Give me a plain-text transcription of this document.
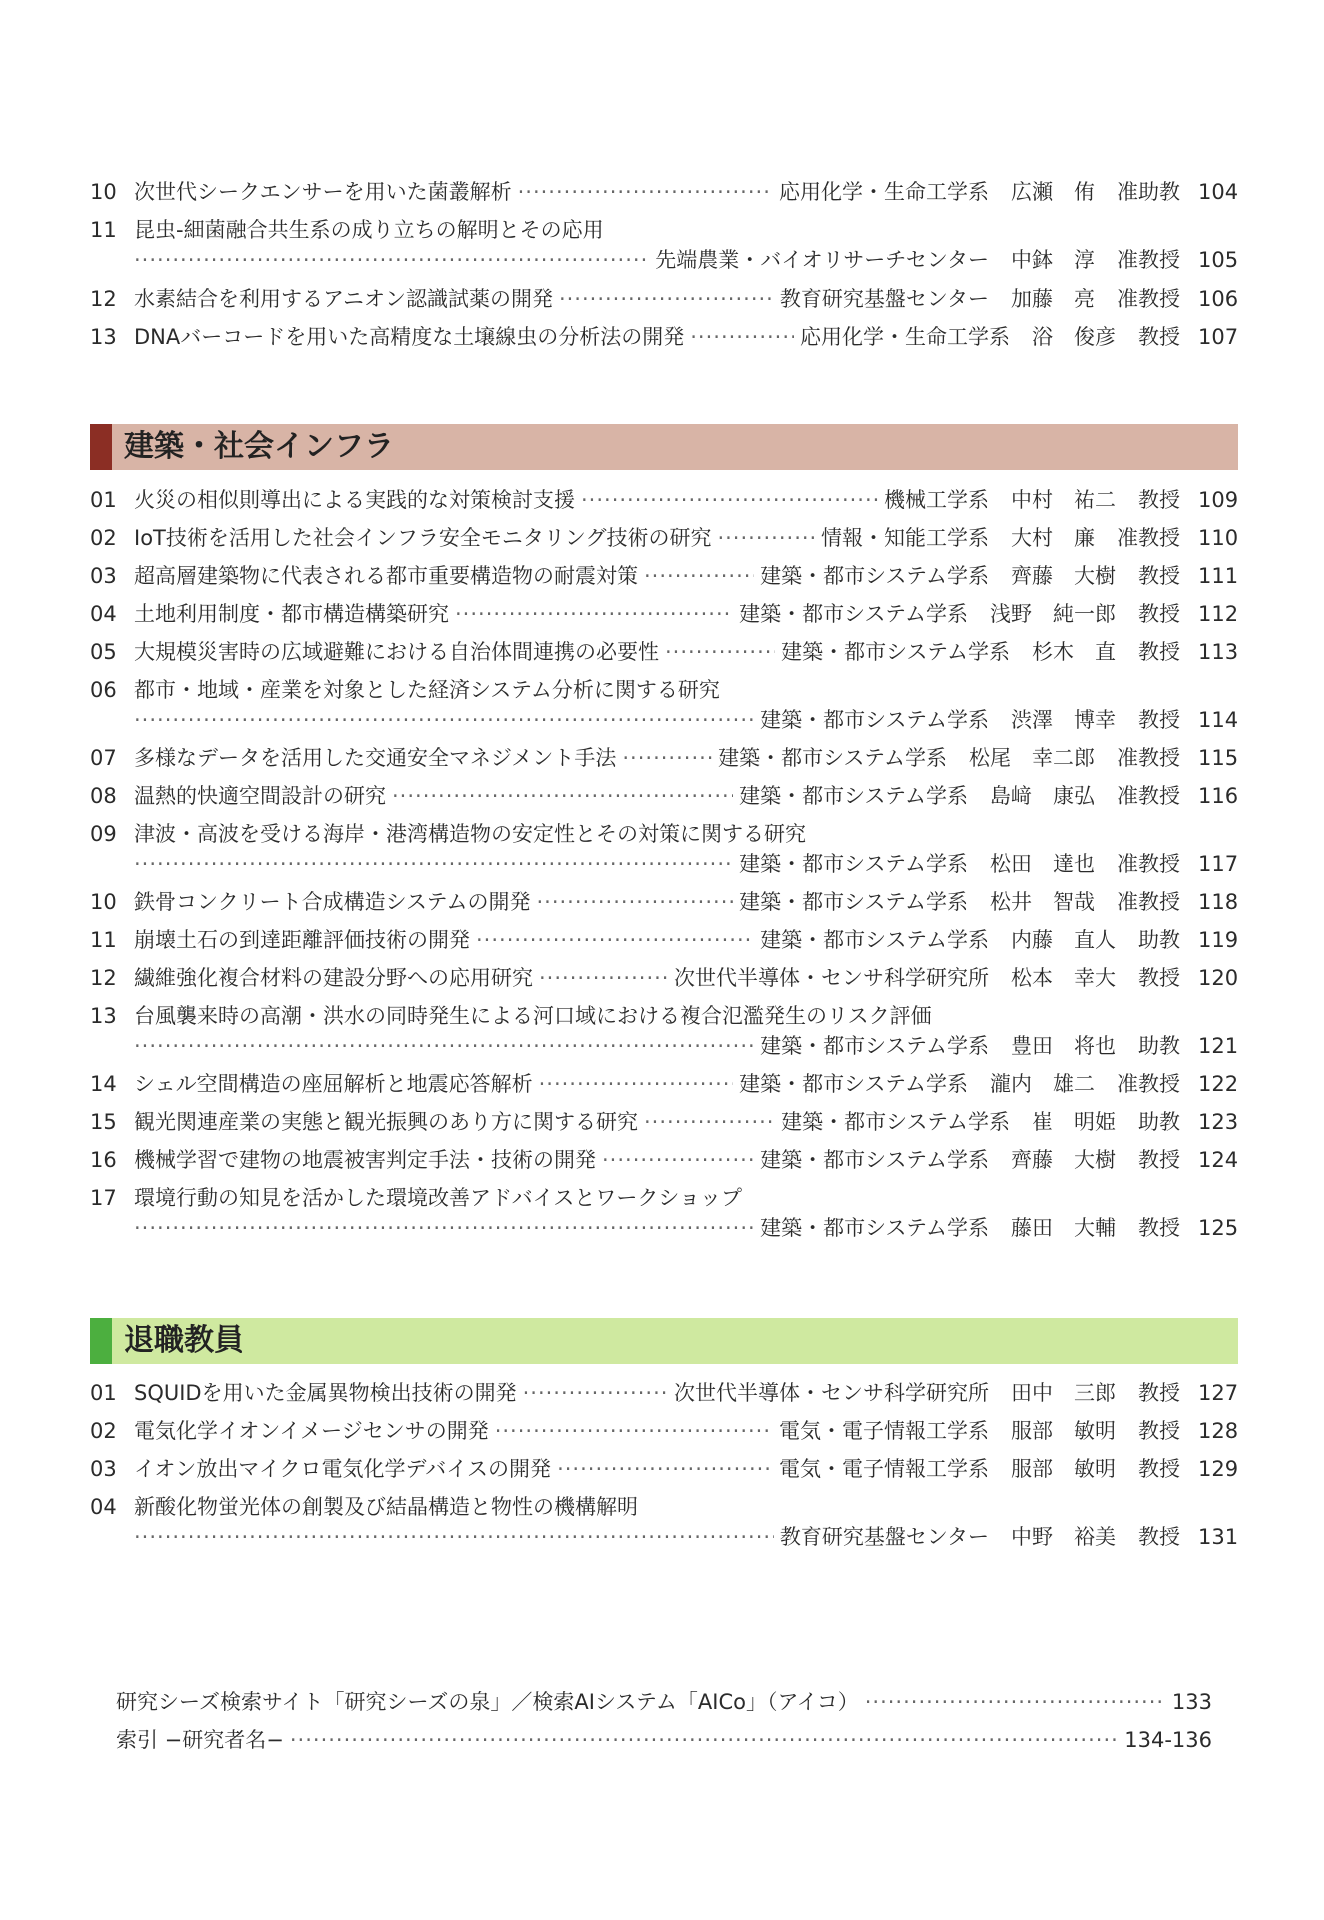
10 次世代シークエンサーを用いた菌叢解析 ·····	応用化学・生命工学系 広瀬　侑 准助教 104
11 昆虫-細菌融合共生系の成り立ちの解明とその応用
·····
先端農業・バイオリサーチセンター 中鉢　淳 准教授 105
12 水素結合を利用するアニオン認識試薬の開発 ·····	教育研究基盤センター 加藤　亮 准教授 106
13 DNAバーコードを用いた高精度な土壌線虫の分析法の開発 ·····	応用化学・生命工学系 浴　俊彦 教授 107
建築・社会インフラ
01 火災の相似則導出による実践的な対策検討支援 ·····	機械工学系 中村　祐二 教授 109
02 IoT技術を活用した社会インフラ安全モニタリング技術の研究 ·····	情報・知能工学系 大村　廉 准教授 110
03 超高層建築物に代表される都市重要構造物の耐震対策 ·····	建築・都市システム学系 齊藤　大樹 教授 111
04 土地利用制度・都市構造構築研究 ·····	建築・都市システム学系 浅野　純一郎 教授 112
05 大規模災害時の広域避難における自治体間連携の必要性 ·····	建築・都市システム学系 杉木　直 教授 113
06 都市・地域・産業を対象とした経済システム分析に関する研究
·····
建築・都市システム学系 渋澤　博幸 教授 114
07 多様なデータを活用した交通安全マネジメント手法 ·····	建築・都市システム学系 松尾　幸二郎 准教授 115
08 温熱的快適空間設計の研究 ·····	建築・都市システム学系 島﨑　康弘 准教授 116
09 津波・高波を受ける海岸・港湾構造物の安定性とその対策に関する研究
·····
建築・都市システム学系 松田　達也 准教授 117
10 鉄骨コンクリート合成構造システムの開発 ·····	建築・都市システム学系 松井　智哉 准教授 118
11 崩壊土石の到達距離評価技術の開発 ·····	建築・都市システム学系 内藤　直人 助教 119
12 繊維強化複合材料の建設分野への応用研究 ·····	次世代半導体・センサ科学研究所 松本　幸大 教授 120
13 台風襲来時の高潮・洪水の同時発生による河口域における複合氾濫発生のリスク評価
·····
建築・都市システム学系 豊田　将也 助教 121
14 シェル空間構造の座屈解析と地震応答解析 ·····	建築・都市システム学系 瀧内　雄二 准教授 122
15 観光関連産業の実態と観光振興のあり方に関する研究 ·····	建築・都市システム学系 崔　明姫 助教 123
16 機械学習で建物の地震被害判定手法・技術の開発 ·····	建築・都市システム学系 齊藤　大樹 教授 124
17 環境行動の知見を活かした環境改善アドバイスとワークショップ
·····
建築・都市システム学系 藤田　大輔 教授 125
退職教員
01 SQUIDを用いた金属異物検出技術の開発 ·····	次世代半導体・センサ科学研究所 田中　三郎 教授 127
02 電気化学イオンイメージセンサの開発 ·····	電気・電子情報工学系 服部　敏明 教授 128
03 イオン放出マイクロ電気化学デバイスの開発 ·····	電気・電子情報工学系 服部　敏明 教授 129
04 新酸化物蛍光体の創製及び結晶構造と物性の機構解明
·····
教育研究基盤センター 中野　裕美 教授 131
研究シーズ検索サイト「研究シーズの泉」／検索AIシステム「AICo」（アイコ） ·····	133
索引 −研究者名− ·····	134-136
